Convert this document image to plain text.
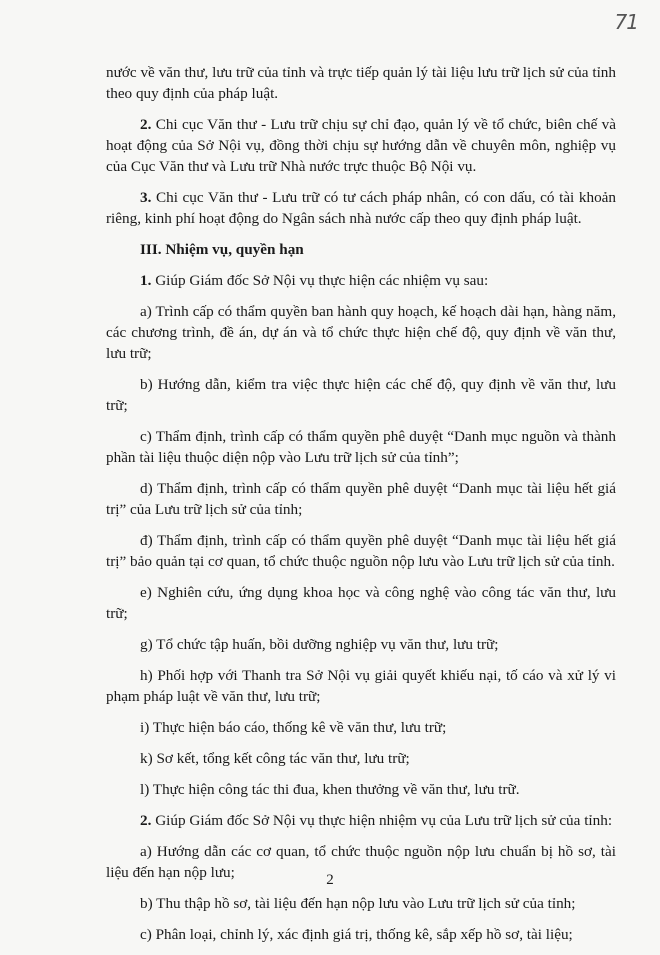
71

nước về văn thư, lưu trữ của tỉnh và trực tiếp quản lý tài liệu lưu trữ lịch sử của tỉnh theo quy định của pháp luật.

2. Chi cục Văn thư - Lưu trữ chịu sự chỉ đạo, quản lý về tổ chức, biên chế và hoạt động của Sở Nội vụ, đồng thời chịu sự hướng dẫn về chuyên môn, nghiệp vụ của Cục Văn thư và Lưu trữ Nhà nước trực thuộc Bộ Nội vụ.

3. Chi cục Văn thư - Lưu trữ có tư cách pháp nhân, có con dấu, có tài khoản riêng, kinh phí hoạt động do Ngân sách nhà nước cấp theo quy định pháp luật.

III. Nhiệm vụ, quyền hạn

1. Giúp Giám đốc Sở Nội vụ thực hiện các nhiệm vụ sau:

a) Trình cấp có thẩm quyền ban hành quy hoạch, kế hoạch dài hạn, hàng năm, các chương trình, đề án, dự án và tổ chức thực hiện chế độ, quy định về văn thư, lưu trữ;

b) Hướng dẫn, kiểm tra việc thực hiện các chế độ, quy định về văn thư, lưu trữ;

c) Thẩm định, trình cấp có thẩm quyền phê duyệt “Danh mục nguồn và thành phần tài liệu thuộc diện nộp vào Lưu trữ lịch sử của tỉnh”;

d) Thẩm định, trình cấp có thẩm quyền phê duyệt “Danh mục tài liệu hết giá trị” của Lưu trữ lịch sử của tỉnh;

đ) Thẩm định, trình cấp có thẩm quyền phê duyệt “Danh mục tài liệu hết giá trị” bảo quản tại cơ quan, tổ chức thuộc nguồn nộp lưu vào Lưu trữ lịch sử của tỉnh.

e) Nghiên cứu, ứng dụng khoa học và công nghệ vào công tác văn thư, lưu trữ;

g) Tổ chức tập huấn, bồi dưỡng nghiệp vụ văn thư, lưu trữ;

h) Phối hợp với Thanh tra Sở Nội vụ giải quyết khiếu nại, tố cáo và xử lý vi phạm pháp luật về văn thư, lưu trữ;

i) Thực hiện báo cáo, thống kê về văn thư, lưu trữ;

k) Sơ kết, tổng kết công tác văn thư, lưu trữ;

l) Thực hiện công tác thi đua, khen thưởng về văn thư, lưu trữ.

2. Giúp Giám đốc Sở Nội vụ thực hiện nhiệm vụ của Lưu trữ lịch sử của tỉnh:

a) Hướng dẫn các cơ quan, tổ chức thuộc nguồn nộp lưu chuẩn bị hồ sơ, tài liệu đến hạn nộp lưu;

b) Thu thập hồ sơ, tài liệu đến hạn nộp lưu vào Lưu trữ lịch sử của tỉnh;

c) Phân loại, chỉnh lý, xác định giá trị, thống kê, sắp xếp hồ sơ, tài liệu;

2
